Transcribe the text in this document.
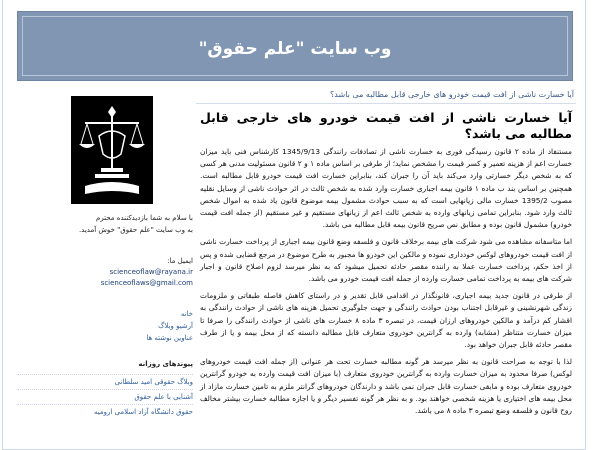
وب سایت "علم حقوق"
آیا خسارت ناشی از افت قیمت خودرو های خارجی قابل مطالبه می باشد؟
آیا خسارت ناشی از افت قیمت خودرو های خارجی قابل مطالبه می باشد؟

مستنفاد از ماده ۲ قانون رسیدگی فوری به خسارت ناشی از تصادفات رانندگی 1345/9/13 کارشناس فنی باید میزان خسارت اعم از هزینه تعمیر و کسر قیمت را مشخص نماید؛ از طرفی بر اساس ماده ۱ و ۲ قانون مسئولیت مدنی هر کسی که به شخص دیگر خسارتی وارد می‌کند باید آن را جبران کند، بنابراین خسارت افت قیمت خودرو قابل مطالبه است. همچنین بر اساس بند ب ماده ۱ قانون بیمه اجباری خسارت وارد شده به شخص ثالث در اثر حوادث ناشی از وسایل نقلیه مصوب 1395/2 خسارت مالی زیانهایی است که به سبب حوادث مشمول بیمه موضوع قانون یاد شده به اموال شخص ثالث وارد شود. بنابراین تمامی زیانهای وارده به شخص ثالث اعم از زیانهای مستقیم و غیر مستقیم (از جمله افت قیمت خودرو) مشمول قانون بوده و مطابق نص صریح قانون بیمه قابل مطالبه می باشد.

اما متاسفانه مشاهده می شود شرکت های بیمه برخلاف قانون و فلسفه وضع قانون بیمه اجباری از پرداخت خسارت ناشی از افت قیمت خودروهای لوکس خودداری نموده و مالکین این خودرو ها مجبور به طرح موضوع در مرجع قضایی شده و پس از اخذ حکم، پرداخت خسارت عملا به راننده مقصر حادثه تحمیل میشود که به نظر میرسد لزوم اصلاح قانون و اجبار شرکت های بیمه به پرداخت تمامی خسارت وارده از جمله افت قیمت خودرو می باشد.

از طرفی در قانون جدید بیمه اجباری، قانونگذار در اقدامی قابل تقدیر و در راستای کاهش فاصله طبقاتی و ملزومات زندگی شهرنشینی و غیرقابل اجتناب بودن حوادث رانندگی و جهت جلوگیری تحمیل هزینه های ناشی از حوادث رانندگی به اقشار کم درآمد و مالکین خودروهای ارزان قیمت، در تبصره ۳ ماده ۸ خسارت های ناشی از حوادث رانندگی را صرفا تا میزان خسارت متناظر (مشابه) وارده به گرانترین خودروی متعارف قابل مطالبه دانسته که از محل بیمه و یا از طرف مقصر حادثه قابل جبران خواهد بود.

لذا با توجه به صراحت قانون به نظر میرسد هر گونه مطالبه خسارت تحت هر عنوانی (از جمله افت قیمت خودروهای لوکس) صرفا محدود به میزان خسارت وارده به گرانترین خودروی متعارف (با میزان افت قیمت وارده به خودرو گرانترین خودروی متعارف بوده و مابقی خسارت قابل جبران نمی باشد و دارندگان خودروهای گرانتر ملزم به تامین خسارت مازاد از محل بیمه های اختیاری یا هزینه شخصی خواهند بود. و به نظر هر گونه تفسیر دیگر و یا اجازه مطالبه خسارت بیشتر مخالف روح قانون و فلسفه وضع تبصره ۳ ماده ۸ می باشد.

با سلام به شما بازدیدکننده محترم
به وب سایت "علم حقوق" خوش آمدید.
ایمیل ما:
scienceoflaw@rayana.ir
scienceoflaws@gmail.com
خانه
آرشیو وبلاگ
عناوین نوشته ها
پیوندهای روزانه
وبلاگ حقوقی امید سلطانی
آشنایی با علم حقوق
حقوق دانشگاه آزاد اسلامی ارومیه
